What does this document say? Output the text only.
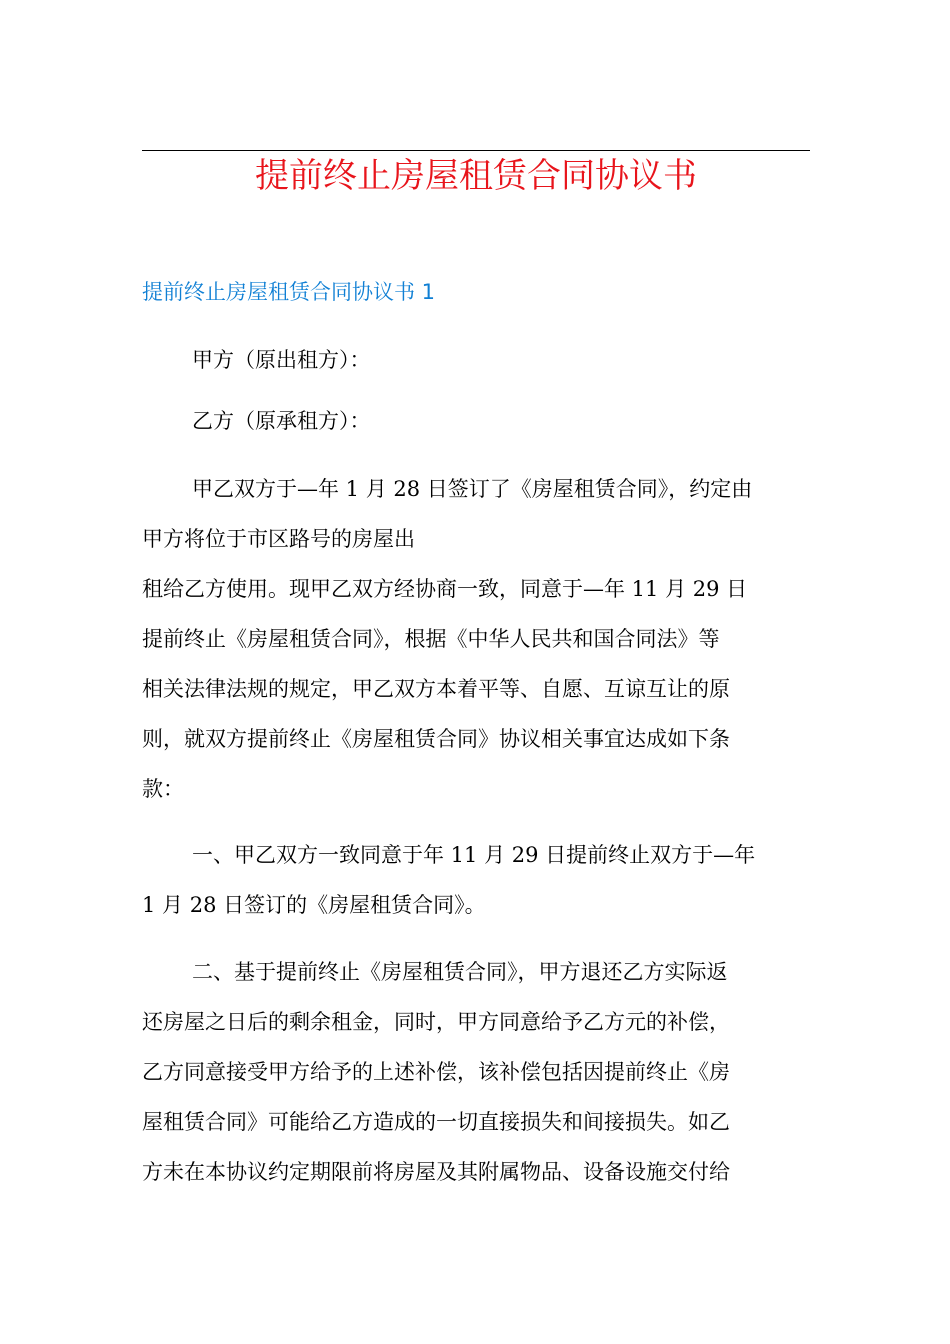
提前终止房屋租赁合同协议书
提前终止房屋租赁合同协议书 1

甲方（原出租方）：

乙方（原承租方）：

甲乙双方于—年 1 月 28 日签订了《房屋租赁合同》，约定由
甲方将位于市区路号的房屋出
租给乙方使用。现甲乙双方经协商一致，同意于—年 11 月 29 日
提前终止《房屋租赁合同》，根据《中华人民共和国合同法》等
相关法律法规的规定，甲乙双方本着平等、自愿、互谅互让的原
则，就双方提前终止《房屋租赁合同》协议相关事宜达成如下条
款：
一、甲乙双方一致同意于年 11 月 29 日提前终止双方于—年
1 月 28 日签订的《房屋租赁合同》。
二、基于提前终止《房屋租赁合同》，甲方退还乙方实际返
还房屋之日后的剩余租金，同时，甲方同意给予乙方元的补偿，
乙方同意接受甲方给予的上述补偿，该补偿包括因提前终止《房
屋租赁合同》可能给乙方造成的一切直接损失和间接损失。如乙
方未在本协议约定期限前将房屋及其附属物品、设备设施交付给
